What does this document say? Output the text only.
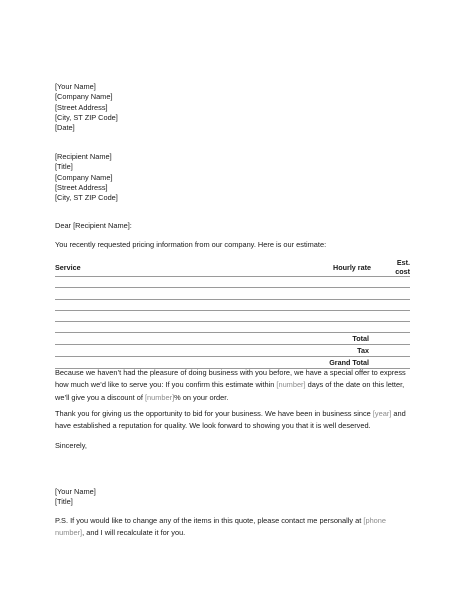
[Your Name]
[Company Name]
[Street Address]
[City, ST ZIP Code]
[Date]
[Recipient Name]
[Title]
[Company Name]
[Street Address]
[City, ST ZIP Code]
Dear [Recipient Name]:
You recently requested pricing information from our company. Here is our estimate:
Service	Hourly rate		Est. cost

	Total		
	Tax		
	Grand Total		
Because we haven’t had the pleasure of doing business with you before, we have a special offer to express how much we’d like to serve you: If you confirm this estimate within [number] days of the date on this letter, we’ll give you a discount of [number]% on your order.
Thank you for giving us the opportunity to bid for your business. We have been in business since [year] and have established a reputation for quality. We look forward to showing you that it is well deserved.
Sincerely,
[Your Name]
[Title]
P.S. If you would like to change any of the items in this quote, please contact me personally at [phone number], and I will recalculate it for you.
